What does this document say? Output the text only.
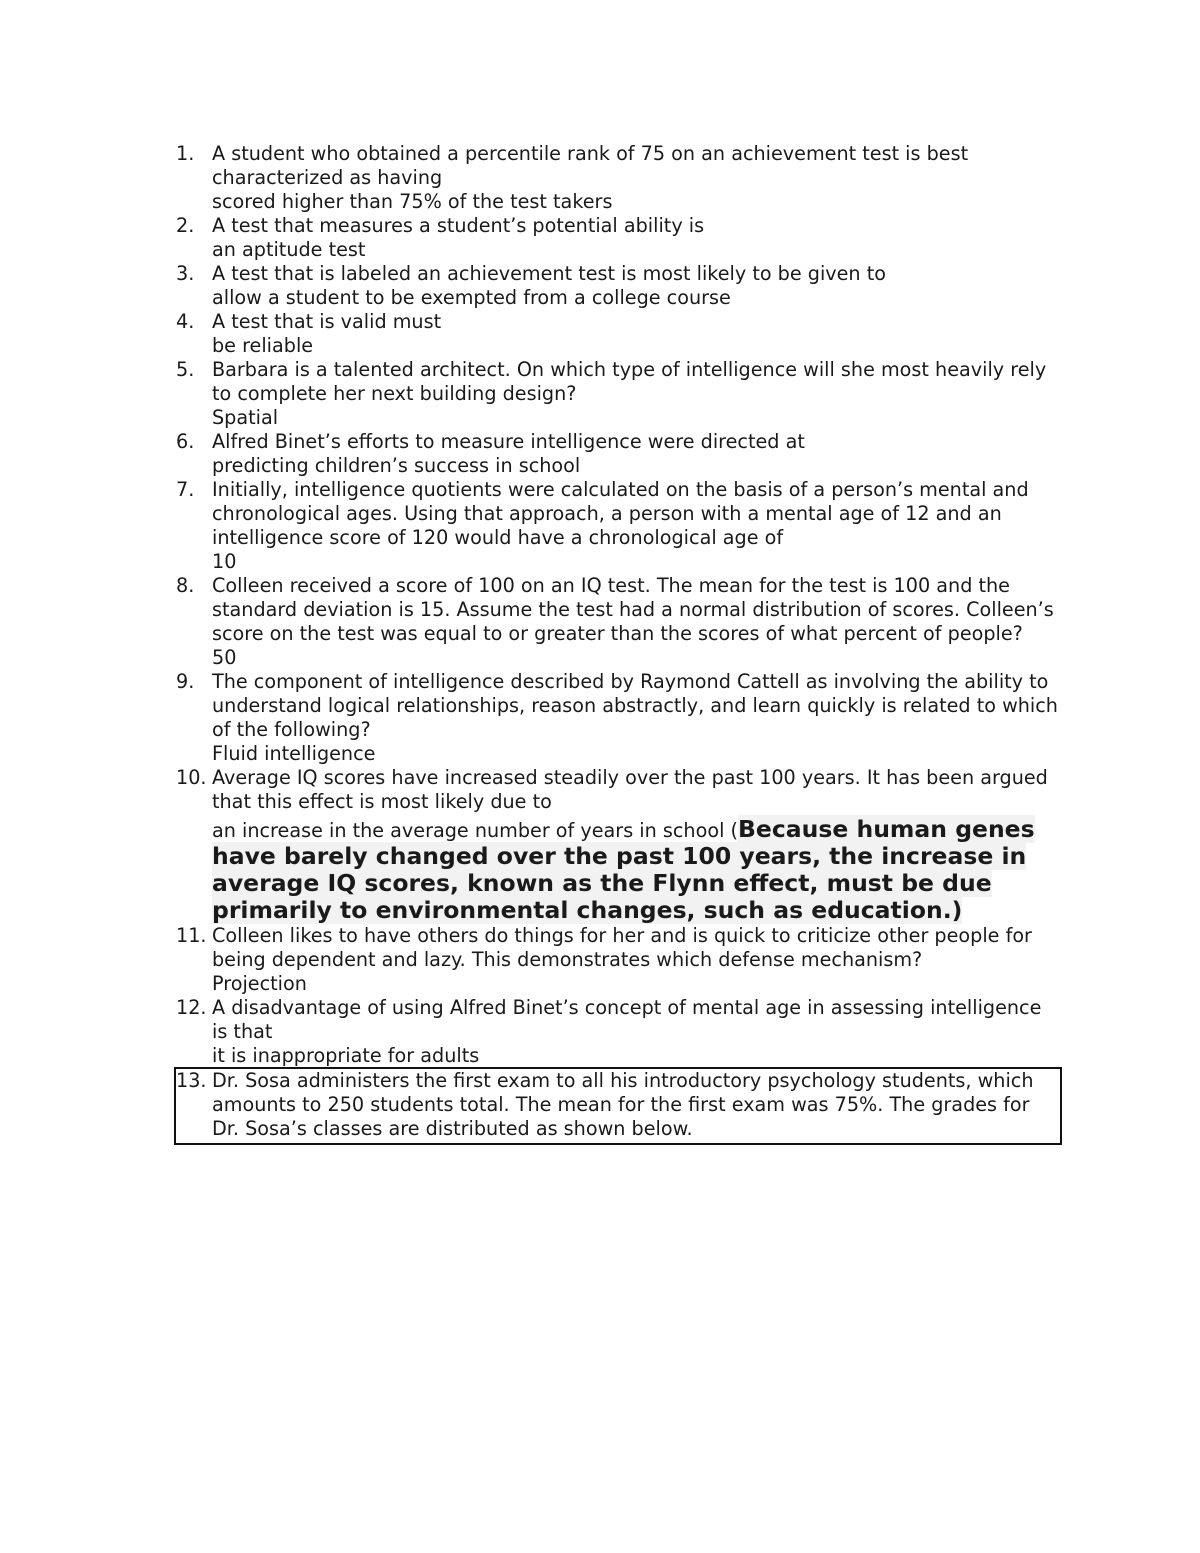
1. A student who obtained a percentile rank of 75 on an achievement test is best characterized as having
scored higher than 75% of the test takers
2. A test that measures a student’s potential ability is
an aptitude test
3. A test that is labeled an achievement test is most likely to be given to
allow a student to be exempted from a college course
4. A test that is valid must
be reliable
5. Barbara is a talented architect. On which type of intelligence will she most heavily rely to complete her next building design?
Spatial
6. Alfred Binet’s efforts to measure intelligence were directed at
predicting children’s success in school
7. Initially, intelligence quotients were calculated on the basis of a person’s mental and chronological ages. Using that approach, a person with a mental age of 12 and an intelligence score of 120 would have a chronological age of
10
8. Colleen received a score of 100 on an IQ test. The mean for the test is 100 and the standard deviation is 15. Assume the test had a normal distribution of scores. Colleen’s score on the test was equal to or greater than the scores of what percent of people?
50
9. The component of intelligence described by Raymond Cattell as involving the ability to understand logical relationships, reason abstractly, and learn quickly is related to which of the following?
Fluid intelligence
10. Average IQ scores have increased steadily over the past 100 years. It has been argued that this effect is most likely due to
an increase in the average number of years in school (Because human genes have barely changed over the past 100 years, the increase in average IQ scores, known as the Flynn effect, must be due primarily to environmental changes, such as education.)
11. Colleen likes to have others do things for her and is quick to criticize other people for being dependent and lazy. This demonstrates which defense mechanism?
Projection
12. A disadvantage of using Alfred Binet’s concept of mental age in assessing intelligence is that
it is inappropriate for adults
13. Dr. Sosa administers the first exam to all his introductory psychology students, which amounts to 250 students total. The mean for the first exam was 75%. The grades for Dr. Sosa’s classes are distributed as shown below.
